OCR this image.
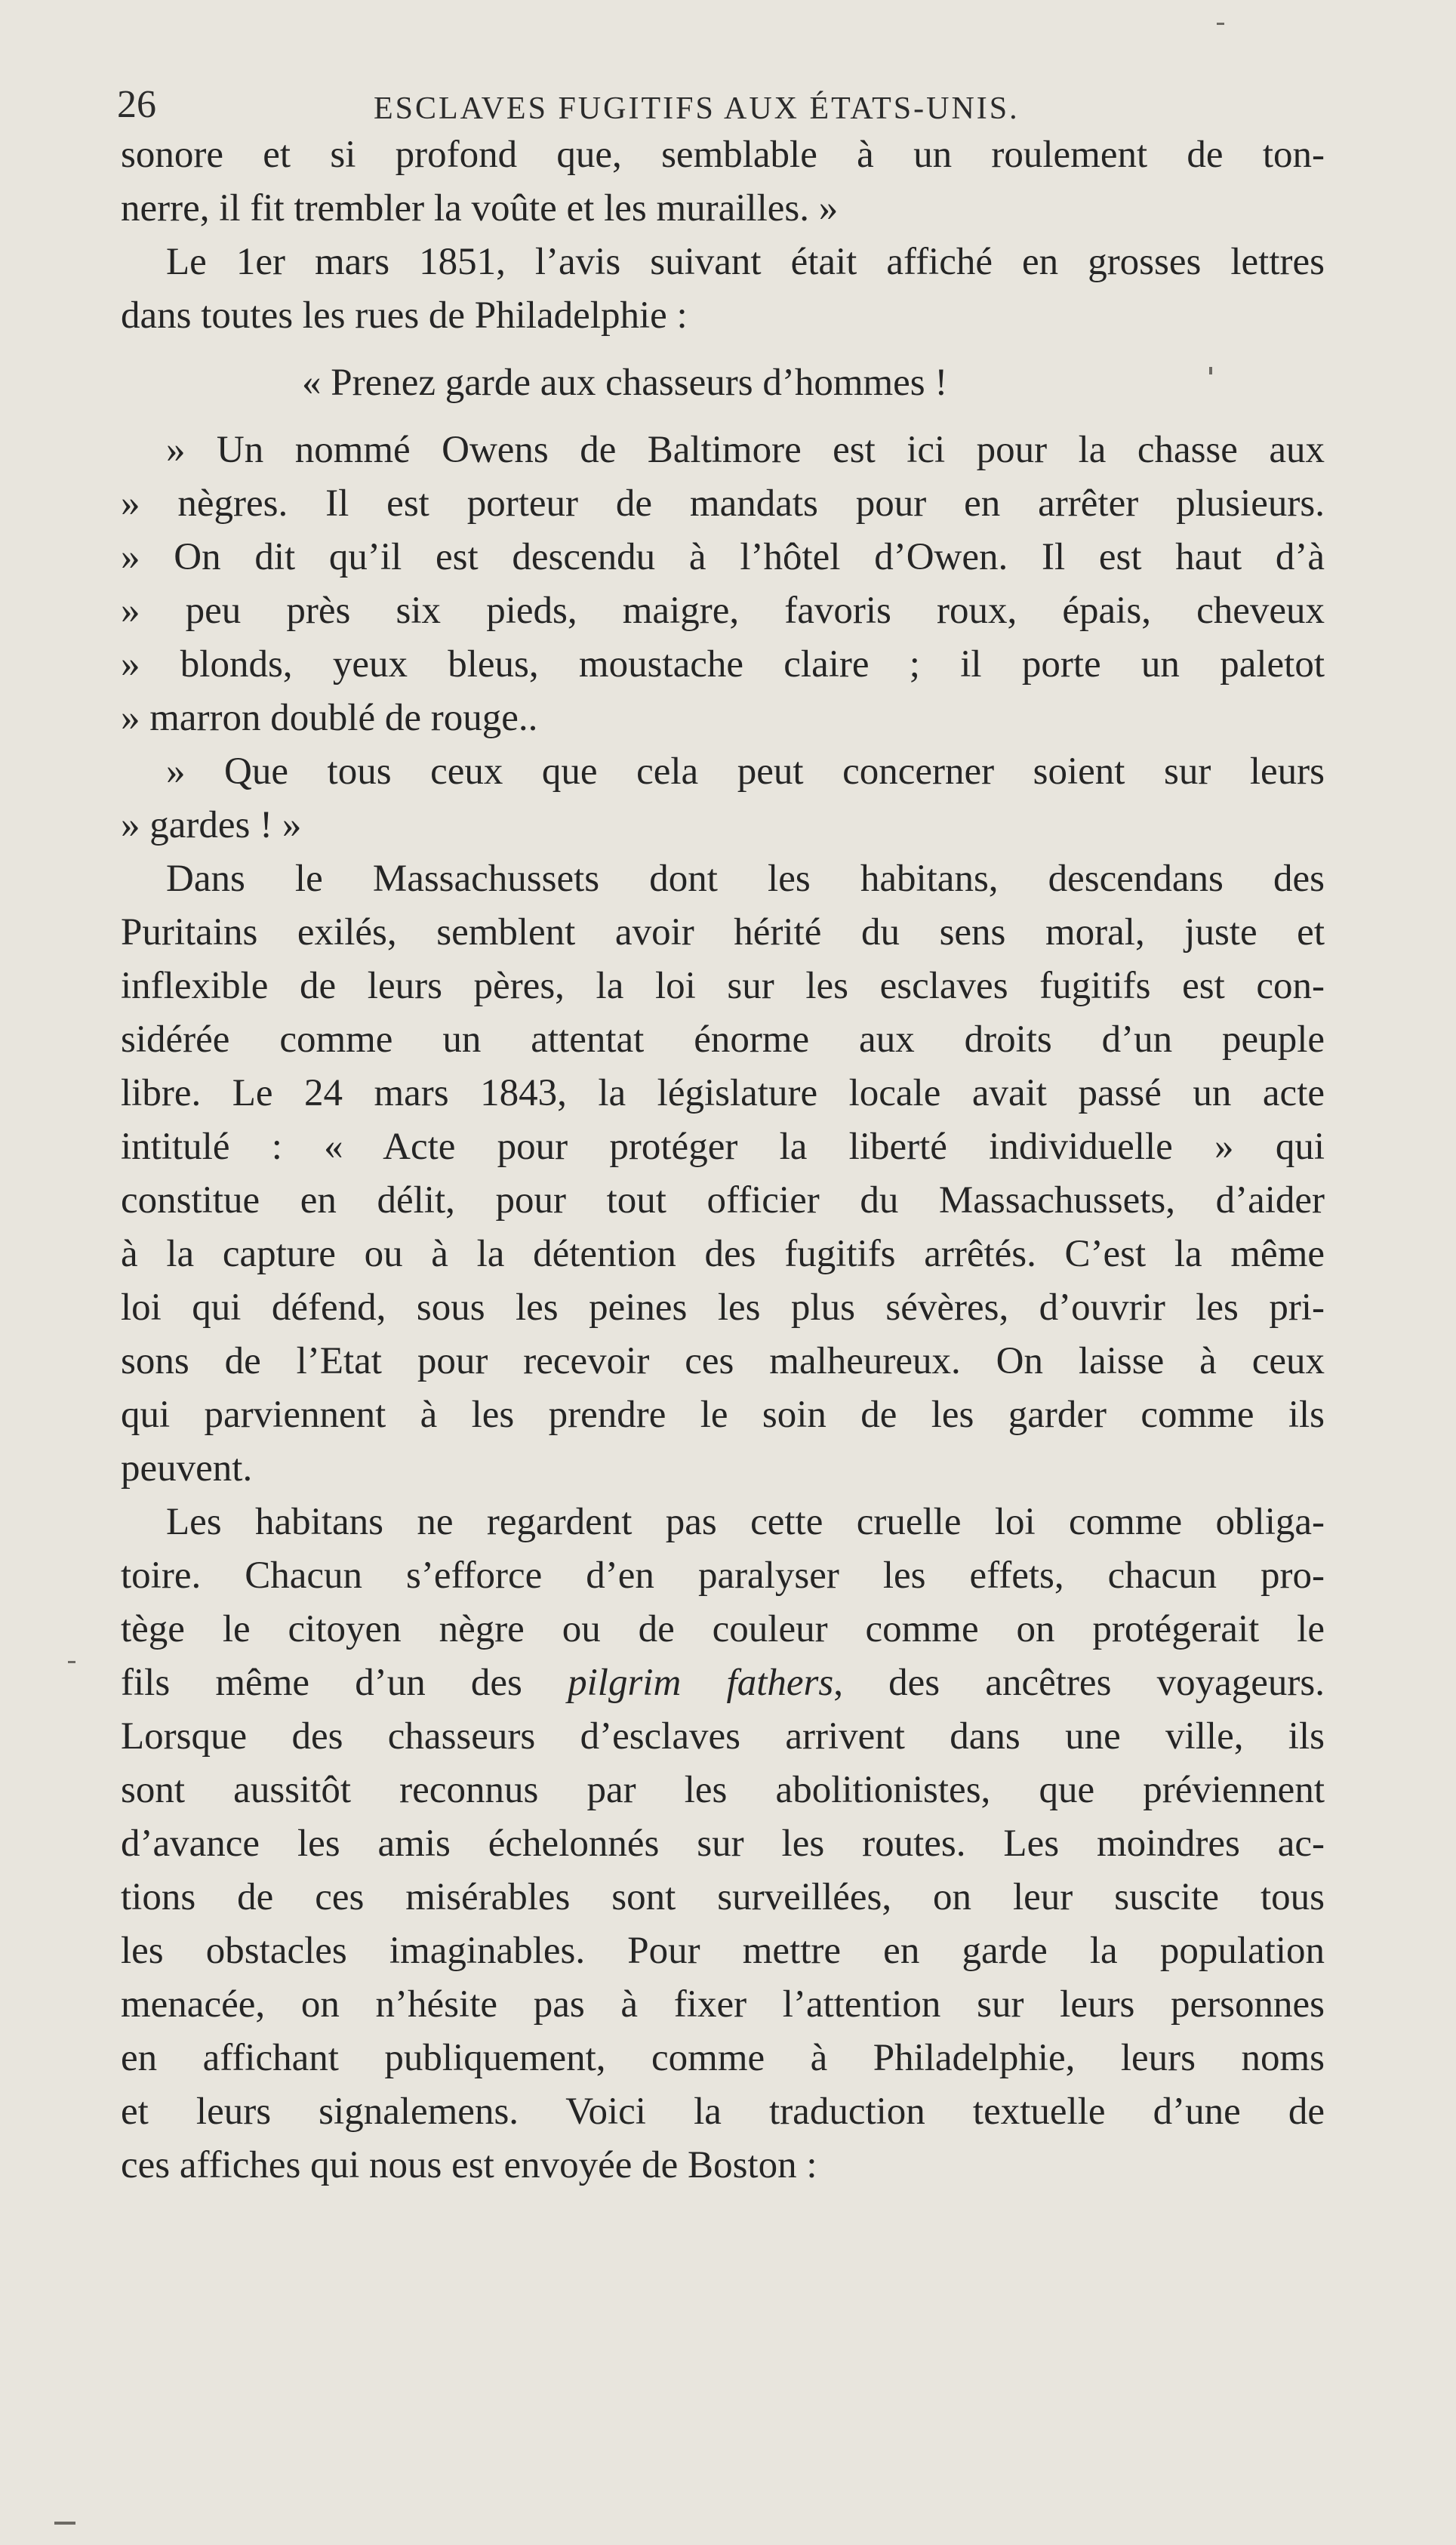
26	ESCLAVES FUGITIFS AUX ÉTATS-UNIS.
sonore et si profond que, semblable à un roulement de ton-
nerre, il fit trembler la voûte et les murailles. »
Le 1er mars 1851, l’avis suivant était affiché en grosses lettres
dans toutes les rues de Philadelphie :
« Prenez garde aux chasseurs d’hommes !
» Un nommé Owens de Baltimore est ici pour la chasse aux
» nègres. Il est porteur de mandats pour en arrêter plusieurs.
» On dit qu’il est descendu à l’hôtel d’Owen. Il est haut d’à
» peu près six pieds, maigre, favoris roux, épais, cheveux
» blonds, yeux bleus, moustache claire ; il porte un paletot
» marron doublé de rouge..
» Que tous ceux que cela peut concerner soient sur leurs
» gardes ! »
Dans le Massachussets dont les habitans, descendans des
Puritains exilés, semblent avoir hérité du sens moral, juste et
inflexible de leurs pères, la loi sur les esclaves fugitifs est con-
sidérée comme un attentat énorme aux droits d’un peuple
libre. Le 24 mars 1843, la législature locale avait passé un acte
intitulé : « Acte pour protéger la liberté individuelle » qui
constitue en délit, pour tout officier du Massachussets, d’aider
à la capture ou à la détention des fugitifs arrêtés. C’est la même
loi qui défend, sous les peines les plus sévères, d’ouvrir les pri-
sons de l’Etat pour recevoir ces malheureux. On laisse à ceux
qui parviennent à les prendre le soin de les garder comme ils
peuvent.
Les habitans ne regardent pas cette cruelle loi comme obliga-
toire. Chacun s’efforce d’en paralyser les effets, chacun pro-
tège le citoyen nègre ou de couleur comme on protégerait le
fils même d’un des pilgrim fathers, des ancêtres voyageurs.
Lorsque des chasseurs d’esclaves arrivent dans une ville, ils
sont aussitôt reconnus par les abolitionistes, que préviennent
d’avance les amis échelonnés sur les routes. Les moindres ac-
tions de ces misérables sont surveillées, on leur suscite tous
les obstacles imaginables. Pour mettre en garde la population
menacée, on n’hésite pas à fixer l’attention sur leurs personnes
en affichant publiquement, comme à Philadelphie, leurs noms
et leurs signalemens. Voici la traduction textuelle d’une de
ces affiches qui nous est envoyée de Boston :
